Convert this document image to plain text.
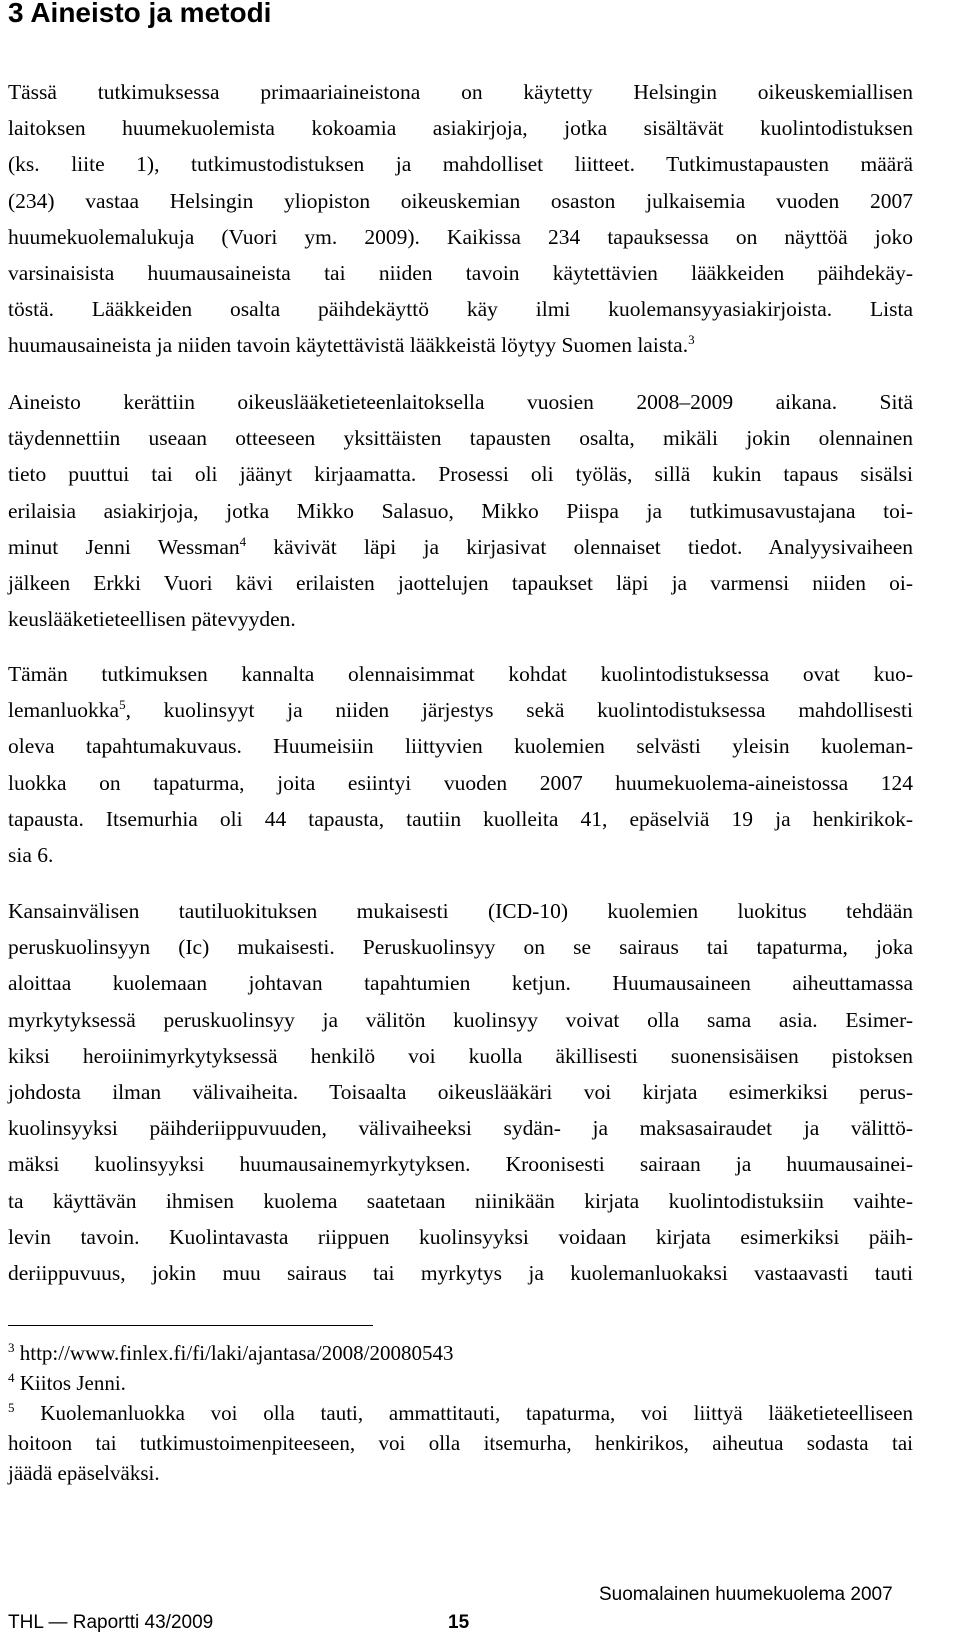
3 Aineisto ja metodi
Tässä tutkimuksessa primaariaineistona on käytetty Helsingin oikeuskemiallisen
laitoksen huumekuolemista kokoamia asiakirjoja, jotka sisältävät kuolintodistuksen
(ks. liite 1), tutkimustodistuksen ja mahdolliset liitteet. Tutkimustapausten määrä
(234) vastaa Helsingin yliopiston oikeuskemian osaston julkaisemia vuoden 2007
huumekuolemalukuja (Vuori ym. 2009). Kaikissa 234 tapauksessa on näyttöä joko
varsinaisista huumausaineista tai niiden tavoin käytettävien lääkkeiden päihdekäy-
töstä. Lääkkeiden osalta päihdekäyttö käy ilmi kuolemansyyasiakirjoista. Lista
huumausaineista ja niiden tavoin käytettävistä lääkkeistä löytyy Suomen laista.$^3$
Aineisto kerättiin oikeuslääketieteenlaitoksella vuosien 2008–2009 aikana. Sitä
täydennettiin useaan otteeseen yksittäisten tapausten osalta, mikäli jokin olennainen
tieto puuttui tai oli jäänyt kirjaamatta. Prosessi oli työläs, sillä kukin tapaus sisälsi
erilaisia asiakirjoja, jotka Mikko Salasuo, Mikko Piispa ja tutkimusavustajana toi-
minut Jenni Wessman$^4$ kävivät läpi ja kirjasivat olennaiset tiedot. Analyysivaiheen
jälkeen Erkki Vuori kävi erilaisten jaottelujen tapaukset läpi ja varmensi niiden oi-
keuslääketieteellisen pätevyyden.
Tämän tutkimuksen kannalta olennaisimmat kohdat kuolintodistuksessa ovat kuo-
lemanluokka$^5$, kuolinsyyt ja niiden järjestys sekä kuolintodistuksessa mahdollisesti
oleva tapahtumakuvaus. Huumeisiin liittyvien kuolemien selvästi yleisin kuoleman-
luokka on tapaturma, joita esiintyi vuoden 2007 huumekuolema-aineistossa 124
tapausta. Itsemurhia oli 44 tapausta, tautiin kuolleita 41, epäselviä 19 ja henkirikok-
sia 6.
Kansainvälisen tautiluokituksen mukaisesti (ICD-10) kuolemien luokitus tehdään
peruskuolinsyyn (Ic) mukaisesti. Peruskuolinsyy on se sairaus tai tapaturma, joka
aloittaa kuolemaan johtavan tapahtumien ketjun. Huumausaineen aiheuttamassa
myrkytyksessä peruskuolinsyy ja välitön kuolinsyy voivat olla sama asia. Esimer-
kiksi heroiinimyrkytyksessä henkilö voi kuolla äkillisesti suonensisäisen pistoksen
johdosta ilman välivaiheita. Toisaalta oikeuslääkäri voi kirjata esimerkiksi perus-
kuolinsyyksi päihderiippuvuuden, välivaiheeksi sydän- ja maksasairaudet ja välittö-
mäksi kuolinsyyksi huumausainemyrkytyksen. Kroonisesti sairaan ja huumausainei-
ta käyttävän ihmisen kuolema saatetaan niinikään kirjata kuolintodistuksiin vaihte-
levin tavoin. Kuolintavasta riippuen kuolinsyyksi voidaan kirjata esimerkiksi päih-
deriippuvuus, jokin muu sairaus tai myrkytys ja kuolemanluokaksi vastaavasti tauti
$^3$ http://www.finlex.fi/fi/laki/ajantasa/2008/20080543
$^4$ Kiitos Jenni.
$^5$ Kuolemanluokka voi olla tauti, ammattitauti, tapaturma, voi liittyä lääketieteelliseen
hoitoon tai tutkimustoimenpiteeseen, voi olla itsemurha, henkirikos, aiheutua sodasta tai
jäädä epäselväksi.
THL — Raportti 43/2009	15
Suomalainen huumekuolema 2007
